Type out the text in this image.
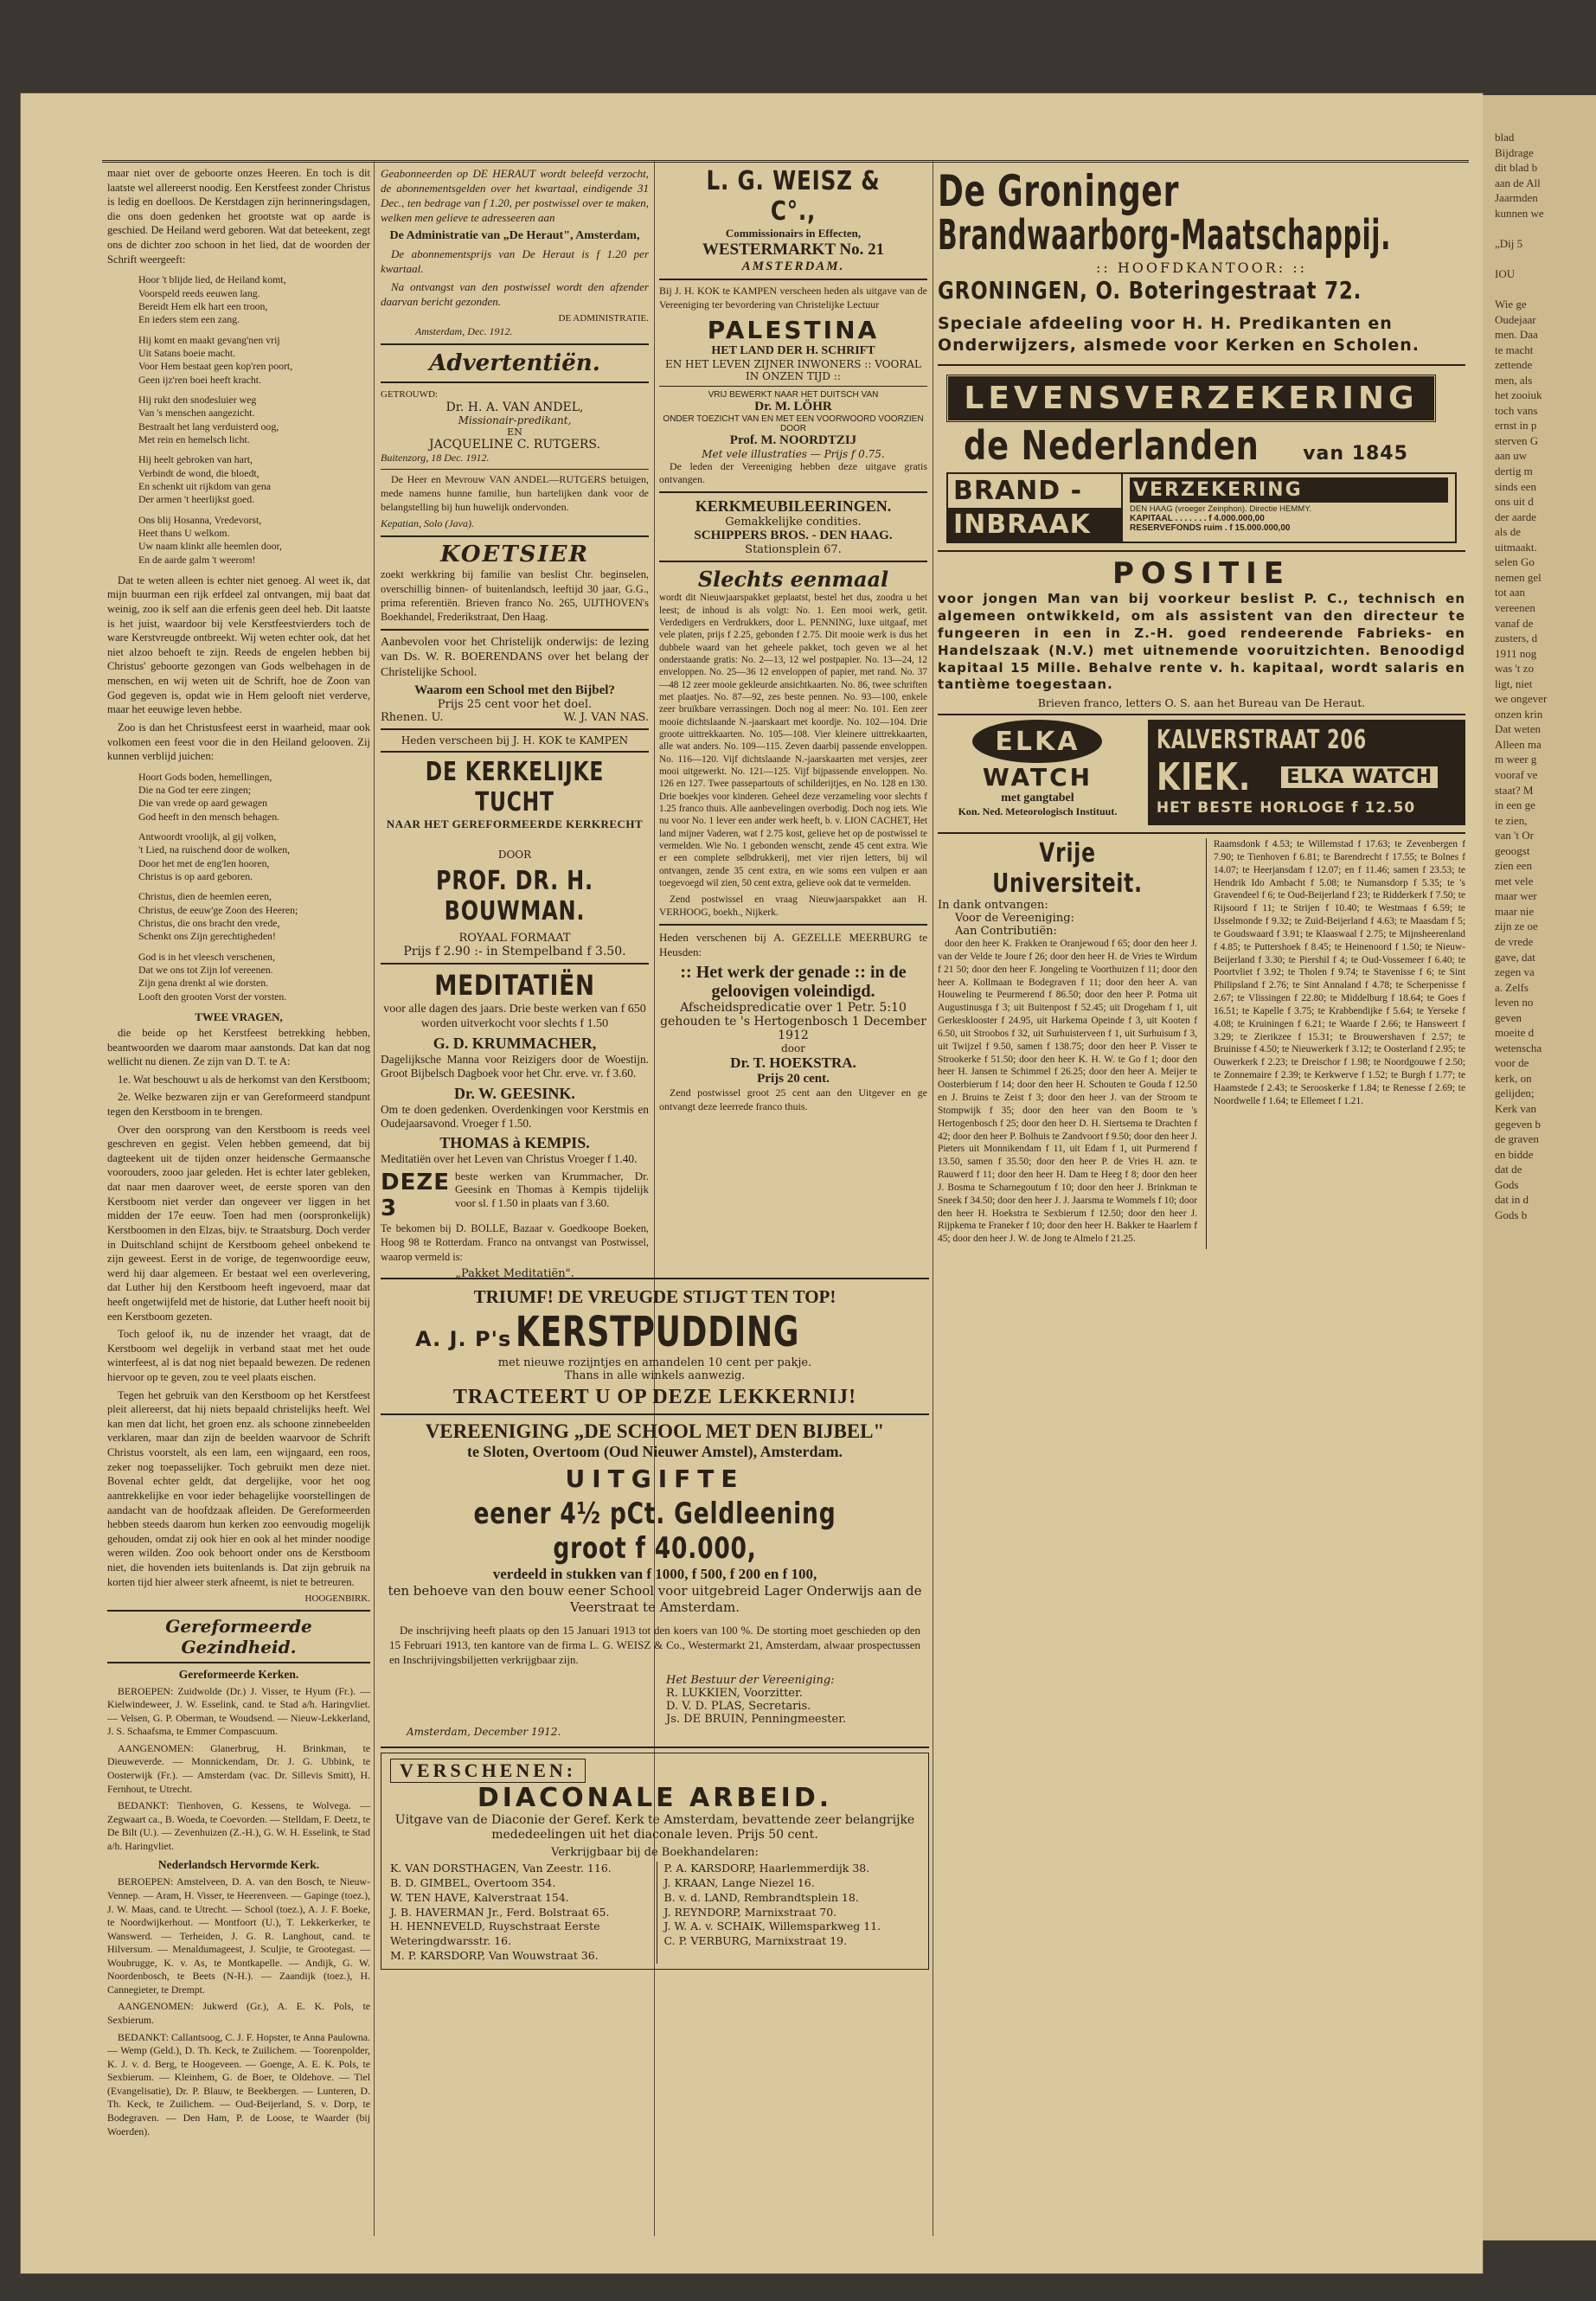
blad

Bijdrage

dit blad b

aan de All

Jaarmden

kunnen we

„Dij 5

IOU

Wie ge

Oudejaar

men. Daa

te macht

zettende

men, als

het zooiuk

toch vans

ernst in p

sterven G

aan uw

dertig m

sinds een

ons uit d

der aarde

als de

uitmaakt.

selen Go

nemen gel

tot aan

vereenen

vanaf de

zusters, d

1911 nog

was 't zo

ligt, niet

we ongever

onzen krin

Dat weten

Alleen ma

m weer g

vooraf ve

staat? M

in een ge

te zien,

van 't Or

geoogst

zien een

met vele

maar wer

maar nie

zijn ze oe

de vrede

gave, dat

zegen va

a. Zelfs

leven no

geven

moeite d

wetenscha

voor de

kerk, on

gelijden;

Kerk van

gegeven b

de graven

en bidde

dat de

Gods

dat in d

Gods b

maar niet over de geboorte onzes Heeren. En toch is dit laatste wel allereerst noodig. Een Kerstfeest zonder Christus is ledig en doelloos. De Kerstdagen zijn herinneringsdagen, die ons doen gedenken het grootste wat op aarde is geschied. De Heiland werd geboren. Wat dat beteekent, zegt ons de dichter zoo schoon in het lied, dat de woorden der Schrift weergeeft:

Hoor 't blijde lied, de Heiland komt,
Voorspeld reeds eeuwen lang.
Bereidt Hem elk hart een troon,
En ieders stem een zang.
Hij komt en maakt gevang'nen vrij
Uit Satans boeie macht.
Voor Hem bestaat geen kop'ren poort,
Geen ijz'ren boei heeft kracht.
Hij rukt den snodesluier weg
Van 's menschen aangezicht.
Bestraalt het lang verduisterd oog,
Met rein en hemelsch licht.
Hij heelt gebroken van hart,
Verbindt de wond, die bloedt,
En schenkt uit rijkdom van gena
Der armen 't heerlijkst goed.
Ons blij Hosanna, Vredevorst,
Heet thans U welkom.
Uw naam klinkt alle heemlen door,
En de aarde galm 't weerom!

Dat te weten alleen is echter niet genoeg. Al weet ik, dat mijn buurman een rijk erfdeel zal ontvangen, mij baat dat weinig, zoo ik self aan die erfenis geen deel heb. Dit laatste is het juist, waardoor bij vele Kerstfeestvierders toch de ware Kerstvreugde ontbreekt. Wij weten echter ook, dat het niet alzoo behoeft te zijn. Reeds de engelen hebben bij Christus' geboorte gezongen van Gods welbehagen in de menschen, en wij weten uit de Schrift, hoe de Zoon van God gegeven is, opdat wie in Hem gelooft niet verderve, maar het eeuwige leven hebbe.

Zoo is dan het Christusfeest eerst in waarheid, maar ook volkomen een feest voor die in den Heiland gelooven. Zij kunnen verblijd juichen:

Hoort Gods boden, hemellingen,
Die na God ter eere zingen;
Die van vrede op aard gewagen
God heeft in den mensch behagen.
Antwoordt vroolijk, al gij volken,
't Lied, na ruischend door de wolken,
Door het met de eng'len hooren,
Christus is op aard geboren.
Christus, dien de heemlen eeren,
Christus, de eeuw'ge Zoon des Heeren;
Christus, die ons bracht den vrede,
Schenkt ons Zijn gerechtigheden!
God is in het vleesch verschenen,
Dat we ons tot Zijn lof vereenen.
Zijn gena drenkt al wie dorsten.
Looft den grooten Vorst der vorsten.
TWEE VRAGEN,

die beide op het Kerstfeest betrekking hebben, beantwoorden we daarom maar aanstonds. Dat kan dat nog wellicht nu dienen. Ze zijn van D. T. te A:

1e. Wat beschouwt u als de herkomst van den Kerstboom;

2e. Welke bezwaren zijn er van Gereformeerd standpunt tegen den Kerstboom in te brengen.

Over den oorsprong van den Kerstboom is reeds veel geschreven en gegist. Velen hebben gemeend, dat bij dagteekent uit de tijden onzer heidensche Germaansche voorouders, zooo jaar geleden. Het is echter later gebleken, dat naar men daarover weet, de eerste sporen van den Kerstboom niet verder dan ongeveer ver liggen in het midden der 17e eeuw. Toen had men (oorspronkelijk) Kerstboomen in den Elzas, bijv. te Straatsburg. Doch verder in Duitschland schijnt de Kerstboom geheel onbekend te zijn geweest. Eerst in de vorige, de tegenwoordige eeuw, werd hij daar algemeen. Er bestaat wel een overlevering, dat Luther hij den Kerstboom heeft ingevoerd, maar dat heeft ongetwijfeld met de historie, dat Luther heeft nooit bij een Kerstboom gezeten.

Toch geloof ik, nu de inzender het vraagt, dat de Kerstboom wel degelijk in verband staat met het oude winterfeest, al is dat nog niet bepaald bewezen. De redenen hiervoor op te geven, zou te veel plaats eischen.

Tegen het gebruik van den Kerstboom op het Kerstfeest pleit allereerst, dat hij niets bepaald christelijks heeft. Wel kan men dat licht, het groen enz. als schoone zinnebeelden verklaren, maar dan zijn de beelden waarvoor de Schrift Christus voorstelt, als een lam, een wijngaard, een roos, zeker nog toepasselijker. Toch gebruikt men deze niet. Bovenal echter geldt, dat dergelijke, voor het oog aantrekkelijke en voor ieder behagelijke voorstellingen de aandacht van de hoofdzaak afleiden. De Gereformeerden hebben steeds daarom hun kerken zoo eenvoudig mogelijk gehouden, omdat zij ook hier en ook al het minder noodige weren wilden. Zoo ook behoort onder ons de Kerstboom niet, die hovenden iets buitenlands is. Dat zijn gebruik na korten tijd hier alweer sterk afneemt, is niet te betreuren.

HOOGENBIRK.
Gereformeerde Gezindheid.
Gereformeerde Kerken.

BEROEPEN: Zuidwolde (Dr.) J. Visser, te Hyum (Fr.). — Kielwindeweer, J. W. Esselink, cand. te Stad a/h. Haringvliet. — Velsen, G. P. Oberman, te Woudsend. — Nieuw-Lekkerland, J. S. Schaafsma, te Emmer Compascuum.

AANGENOMEN: Glanerbrug, H. Brinkman, te Dieuweverde. — Monnickendam, Dr. J. G. Ubbink, te Oosterwijk (Fr.). — Amsterdam (vac. Dr. Sillevis Smitt), H. Fernhout, te Utrecht.

BEDANKT: Tienhoven, G. Kessens, te Wolvega. — Zegwaart ca., B. Woeda, te Coevorden. — Stelldam, F. Deetz, te De Bilt (U.). — Zevenhuizen (Z.-H.), G. W. H. Esselink, te Stad a/h. Haringvliet.

Nederlandsch Hervormde Kerk.

BEROEPEN: Amstelveen, D. A. van den Bosch, te Nieuw-Vennep. — Aram, H. Visser, te Heerenveen. — Gapinge (toez.), J. W. Maas, cand. te Utrecht. — School (toez.), A. J. F. Boeke, te Noordwijkerhout. — Montfoort (U.), T. Lekkerkerker, te Wanswerd. — Terheiden, J. G. R. Langhout, cand. te Hilversum. — Menaldumageest, J. Sculjie, te Grootegast. — Woubrugge, K. v. As, te Montkapelle. — Andijk, G. W. Noordenbosch, te Beets (N-H.). — Zaandijk (toez.), H. Cannegieter, te Drempt.

AANGENOMEN: Jukwerd (Gr.), A. E. K. Pols, te Sexbierum.

BEDANKT: Callantsoog, C. J. F. Hopster, te Anna Paulowna. — Wemp (Geld.), D. Th. Keck, te Zuilichem. — Toorenpolder, K. J. v. d. Berg, te Hoogeveen. — Goenge, A. E. K. Pols, te Sexbierum. — Kleinhem, G. de Boer, te Oldehove. — Tiel (Evangelisatie), Dr. P. Blauw, te Beekbergen. — Lunteren, D. Th. Keck, te Zuilichem. — Oud-Beijerland, S. v. Dorp, te Bodegraven. — Den Ham, P. de Loose, te Waarder (bij Woerden).

Geabonneerden op DE HERAUT wordt beleefd verzocht, de abonnementsgelden over het kwartaal, eindigende 31 Dec., ten bedrage van f 1.20, per postwissel over te maken, welken men gelieve te adresseeren aan

De Administratie van „De Heraut", Amsterdam,

De abonnementsprijs van De Heraut is f 1.20 per kwartaal.

Na ontvangst van den postwissel wordt den afzender daarvan bericht gezonden.

DE ADMINISTRATIE.
Amsterdam, Dec. 1912.
Advertentiën.
GETROUWD:
Dr. H. A. VAN ANDEL,
Missionair-predikant,
EN
JACQUELINE C. RUTGERS.
Buitenzorg, 18 Dec. 1912.

De Heer en Mevrouw VAN ANDEL—RUTGERS betuigen, mede namens hunne familie, hun hartelijken dank voor de belangstelling bij hun huwelijk ondervonden.

Kepatian, Solo (Java).
KOETSIER

zoekt werkkring bij familie van beslist Chr. beginselen, overschillig binnen- of buitenlandsch, leeftijd 30 jaar, G.G., prima referentiën. Brieven franco No. 265, UIJTHOVEN's Boekhandel, Frederikstraat, Den Haag.

Aanbevolen voor het Christelijk onderwijs: de lezing van Ds. W. R. BOERENDANS over het belang der Christelijke School.

Waarom een School met den Bijbel?
Prijs 25 cent voor het doel.
Rhenen. U.	W. J. VAN NAS.
Heden verscheen bij J. H. KOK te KAMPEN
DE KERKELIJKE TUCHT
NAAR HET GEREFORMEERDE KERKRECHT
DOOR
PROF. DR. H. BOUWMAN.
ROYAAL FORMAAT
Prijs f 2.90 :- in Stempelband f 3.50.
MEDITATIËN

voor alle dagen des jaars. Drie beste werken van f 650 worden uitverkocht voor slechts f 1.50

G. D. KRUMMACHER,

Dagelijksche Manna voor Reizigers door de Woestijn. Groot Bijbelsch Dagboek voor het Chr. erve. vr. f 3.60.

Dr. W. GEESINK.

Om te doen gedenken. Overdenkingen voor Kerstmis en Oudejaarsavond. Vroeger f 1.50.

THOMAS à KEMPIS.

Meditatiën over het Leven van Christus Vroeger f 1.40.

DEZE 3
beste werken van Krummacher, Dr. Geesink en Thomas à Kempis tijdelijk voor sl. f 1.50 in plaats van f 3.60.

Te bekomen bij D. BOLLE, Bazaar v. Goedkoope Boeken, Hoog 98 te Rotterdam. Franco na ontvangst van Postwissel, waarop vermeld is:

„Pakket Meditatiën".
L. G. WEISZ & C°.,
Commissionairs in Effecten,
WESTERMARKT No. 21
AMSTERDAM.

Bij J. H. KOK te KAMPEN verscheen heden als uitgave van de Vereeniging ter bevordering van Christelijke Lectuur

PALESTINA
HET LAND DER H. SCHRIFT
EN HET LEVEN ZIJNER INWONERS :: VOORAL IN ONZEN TIJD ::
VRIJ BEWERKT NAAR HET DUITSCH VAN
Dr. M. LÖHR
ONDER TOEZICHT VAN EN MET EEN VOORWOORD VOORZIEN DOOR
Prof. M. NOORDTZIJ
Met vele illustraties — Prijs f 0.75.

De leden der Vereeniging hebben deze uitgave gratis ontvangen.

KERKMEUBILEERINGEN.
Gemakkelijke condities.
SCHIPPERS BROS. - DEN HAAG.
Stationsplein 67.
Slechts eenmaal

wordt dit Nieuwjaarspakket geplaatst, bestel het dus, zoodra u het leest; de inhoud is als volgt: No. 1. Een mooi werk, getit. Verdedigers en Verdrukkers, door L. PENNING, luxe uitgaaf, met vele platen, prijs f 2.25, gebonden f 2.75. Dit mooie werk is dus het dubbele waard van het geheele pakket, toch geven we al het onderstaande gratis: No. 2—13, 12 wel postpapier. No. 13—24, 12 enveloppen. No. 25—36 12 enveloppen of papier, met rand. No. 37—48 12 zeer mooie gekleurde ansichtkaarten. No. 86, twee schriften met plaatjes. No. 87—92, zes beste pennen. No. 93—100, enkele zeer bruikbare verrassingen. Doch nog al meer: No. 101. Een zeer mooie dichtslaande N.-jaarskaart met koordje. No. 102—104. Drie groote uittrekkaarten. No. 105—108. Vier kleinere uittrekkaarten, alle wat anders. No. 109—115. Zeven daarbij passende enveloppen. No. 116—120. Vijf dichtslaande N.-jaarskaarten met versjes, zeer mooi uitgewerkt. No. 121—125. Vijf bijpassende enveloppen. No. 126 en 127. Twee passepartouts of schilderijtjes, en No. 128 en 130. Drie boekjes voor kinderen. Geheel deze verzameling voor slechts f 1.25 franco thuis. Alle aanbevelingen overbodig. Doch nog iets. Wie nu voor No. 1 lever een ander werk heeft, b. v. LION CACHET, Het land mijner Vaderen, wat f 2.75 kost, gelieve het op de postwissel te vermelden. Wie No. 1 gebonden wenscht, zende 45 cent extra. Wie er een complete selbdrukkerij, met vier rijen letters, bij wil ontvangen, zende 35 cent extra, en wie soms een vulpen er aan toegevoegd wil zien, 50 cent extra, gelieve ook dat te vermelden.

Zend postwissel en vraag Nieuwjaarspakket aan H. VERHOOG, boekh., Nijkerk.

Heden verschenen bij A. GEZELLE MEERBURG te Heusden:

:: Het werk der genade :: in de geloovigen voleindigd.
Afscheidspredicatie over 1 Petr. 5:10 gehouden te 's Hertogenbosch 1 December 1912
door
Dr. T. HOEKSTRA.
Prijs 20 cent.

Zend postwissel groot 25 cent aan den Uitgever en ge ontvangt deze leerrede franco thuis.

TRIUMF! DE VREUGDE STIJGT TEN TOP!
A. J. P's KERSTPUDDING
met nieuwe rozijntjes en amandelen 10 cent per pakje.
Thans in alle winkels aanwezig.
TRACTEERT U OP DEZE LEKKERNIJ!
VEREENIGING „DE SCHOOL MET DEN BIJBEL"
te Sloten, Overtoom (Oud Nieuwer Amstel), Amsterdam.
UITGIFTE
eener 4½ pCt. Geldleening groot f 40.000,
verdeeld in stukken van f 1000, f 500, f 200 en f 100,
ten behoeve van den bouw eener School voor uitgebreid Lager Onderwijs aan de Veerstraat te Amsterdam.

De inschrijving heeft plaats op den 15 Januari 1913 tot den koers van 100 %. De storting moet geschieden op den 15 Februari 1913, ten kantore van de firma L. G. WEISZ & Co., Westermarkt 21, Amsterdam, alwaar prospectussen en Inschrijvingsbiljetten verkrijgbaar zijn.

Het Bestuur der Vereeniging:
R. LUKKIEN, Voorzitter.
D. V. D. PLAS, Secretaris.
Js. DE BRUIN, Penningmeester.
Amsterdam, December 1912.
VERSCHENEN:
DIACONALE ARBEID.
Uitgave van de Diaconie der Geref. Kerk te Amsterdam, bevattende zeer belangrijke mededeelingen uit het diaconale leven. Prijs 50 cent.
Verkrijgbaar bij de Boekhandelaren:
K. VAN DORSTHAGEN, Van Zeestr. 116.
B. D. GIMBEL, Overtoom 354.
W. TEN HAVE, Kalverstraat 154.
J. B. HAVERMAN Jr., Ferd. Bolstraat 65.
H. HENNEVELD, Ruyschstraat Eerste Weteringdwarsstr. 16.
M. P. KARSDORP, Van Wouwstraat 36.
P. A. KARSDORP, Haarlemmerdijk 38.
J. KRAAN, Lange Niezel 16.
B. v. d. LAND, Rembrandtsplein 18.
J. REYNDORP, Marnixstraat 70.
J. W. A. v. SCHAIK, Willemsparkweg 11.
C. P. VERBURG, Marnixstraat 19.
De Groninger
Brandwaarborg-Maatschappij.
:: HOOFDKANTOOR: ::
GRONINGEN, O. Boteringestraat 72.
Speciale afdeeling voor H. H. Predikanten en Onderwijzers, alsmede voor Kerken en Scholen.
LEVENSVERZEKERING
de Nederlanden van 1845
BRAND -
INBRAAK
VERZEKERING
DEN HAAG (vroeger Zeinphon). Directie HEMMY.
KAPITAAL . . . . . . . f 4.000.000,00
RESERVEFONDS ruim . f 15.000.000,00
POSITIE
voor jongen Man van bij voorkeur beslist P. C., technisch en algemeen ontwikkeld, om als assistent van den directeur te fungeeren in een in Z.-H. goed rendeerende Fabrieks- en Handelszaak (N.V.) met uitnemende vooruitzichten. Benoodigd kapitaal 15 Mille. Behalve rente v. h. kapitaal, wordt salaris en tantième toegestaan.
Brieven franco, letters O. S. aan het Bureau van De Heraut.
ELKA
WATCH
met gangtabel
Kon. Ned. Meteorologisch Instituut.
KALVERSTRAAT 206
KIEK. ELKA WATCH
HET BESTE HORLOGE f 12.50
Vrije Universiteit.
In dank ontvangen:
Voor de Vereeniging:
Aan Contributiën:

door den heer K. Frakken te Oranjewoud f 65; door den heer J. van der Velde te Joure f 26; door den heer H. de Vries te Wirdum f 21 50; door den heer F. Jongeling te Voorthuizen f 11; door den heer A. Kollmaan te Bodegraven f 11; door den heer A. van Houweling te Peurmerend f 86.50; door den heer P. Potma uit Augustinusga f 3; uit Buitenpost f 52.45; uit Drogeham f 1, uit Gerkesklooster f 24.95, uit Harkema Opeinde f 3, uit Kooten f 6.50, uit Stroobos f 32, uit Surhuisterveen f 1, uit Surhuisum f 3, uit Twijzel f 9.50, samen f 138.75; door den heer P. Visser te Strookerke f 51.50; door den heer K. H. W. te Go f 1; door den heer H. Jansen te Schimmel f 26.25; door den heer A. Meijer te Oosterbierum f 14; door den heer H. Schouten te Gouda f 12.50 en J. Bruins te Zeist f 3; door den heer J. van der Stroom te Stompwijk f 35; door den heer van den Boom te 's Hertogenbosch f 25; door den heer D. H. Siertsema te Drachten f 42; door den heer P. Bolhuis te Zandvoort f 9.50; door den heer J. Pieters uit Monnikendam f 11, uit Edam f 1, uit Purmerend f 13.50, samen f 35.50; door den heer P. de Vries H. azn. te Rauwerd f 11; door den heer H. Dam te Heeg f 8; door den heer J. Bosma te Scharnegoutum f 10; door den heer J. Brinkman te Sneek f 34.50; door den heer J. J. Jaarsma te Wommels f 10; door den heer H. Hoekstra te Sexbierum f 12.50; door den heer J. Rijpkema te Franeker f 10; door den heer H. Bakker te Haarlem f 45; door den heer J. W. de Jong te Almelo f 21.25.

Raamsdonk f 4.53; te Willemstad f 17.63; te Zevenbergen f 7.90; te Tienhoven f 6.81; te Barendrecht f 17.55; te Bolnes f 14.07; te Heerjansdam f 12.07; en f 11.46; samen f 23.53; te Hendrik Ido Ambacht f 5.08; te Numansdorp f 5.35; te 's Gravendeel f 6; te Oud-Beijerland f 23; te Ridderkerk f 7.50; te Rijsoord f 11; te Strijen f 10.40; te Westmaas f 6.59; te IJsselmonde f 9.32; te Zuid-Beijerland f 4.63; te Maasdam f 5; te Goudswaard f 3.91; te Klaaswaal f 2.75; te Mijnsheerenland f 4.85; te Puttershoek f 8.45; te Heinenoord f 1.50; te Nieuw-Beijerland f 3.30; te Piershil f 4; te Oud-Vossemeer f 6.40; te Poortvliet f 3.92; te Tholen f 9.74; te Stavenisse f 6; te Sint Philipsland f 2.76; te Sint Annaland f 4.78; te Scherpenisse f 2.67; te Vlissingen f 22.80; te Middelburg f 18.64; te Goes f 16.51; te Kapelle f 3.75; te Krabbendijke f 5.64; te Yerseke f 4.08; te Kruiningen f 6.21; te Waarde f 2.66; te Hansweert f 3.29; te Zierikzee f 15.31; te Brouwershaven f 2.57; te Bruinisse f 4.50; te Nieuwerkerk f 3.12; te Oosterland f 2.95; te Ouwerkerk f 2.23; te Dreischor f 1.98; te Noordgouwe f 2.50; te Zonnemaire f 2.39; te Kerkwerve f 1.52; te Burgh f 1.77; te Haamstede f 2.43; te Serooskerke f 1.84; te Renesse f 2.69; te Noordwelle f 1.64; te Ellemeet f 1.21.
